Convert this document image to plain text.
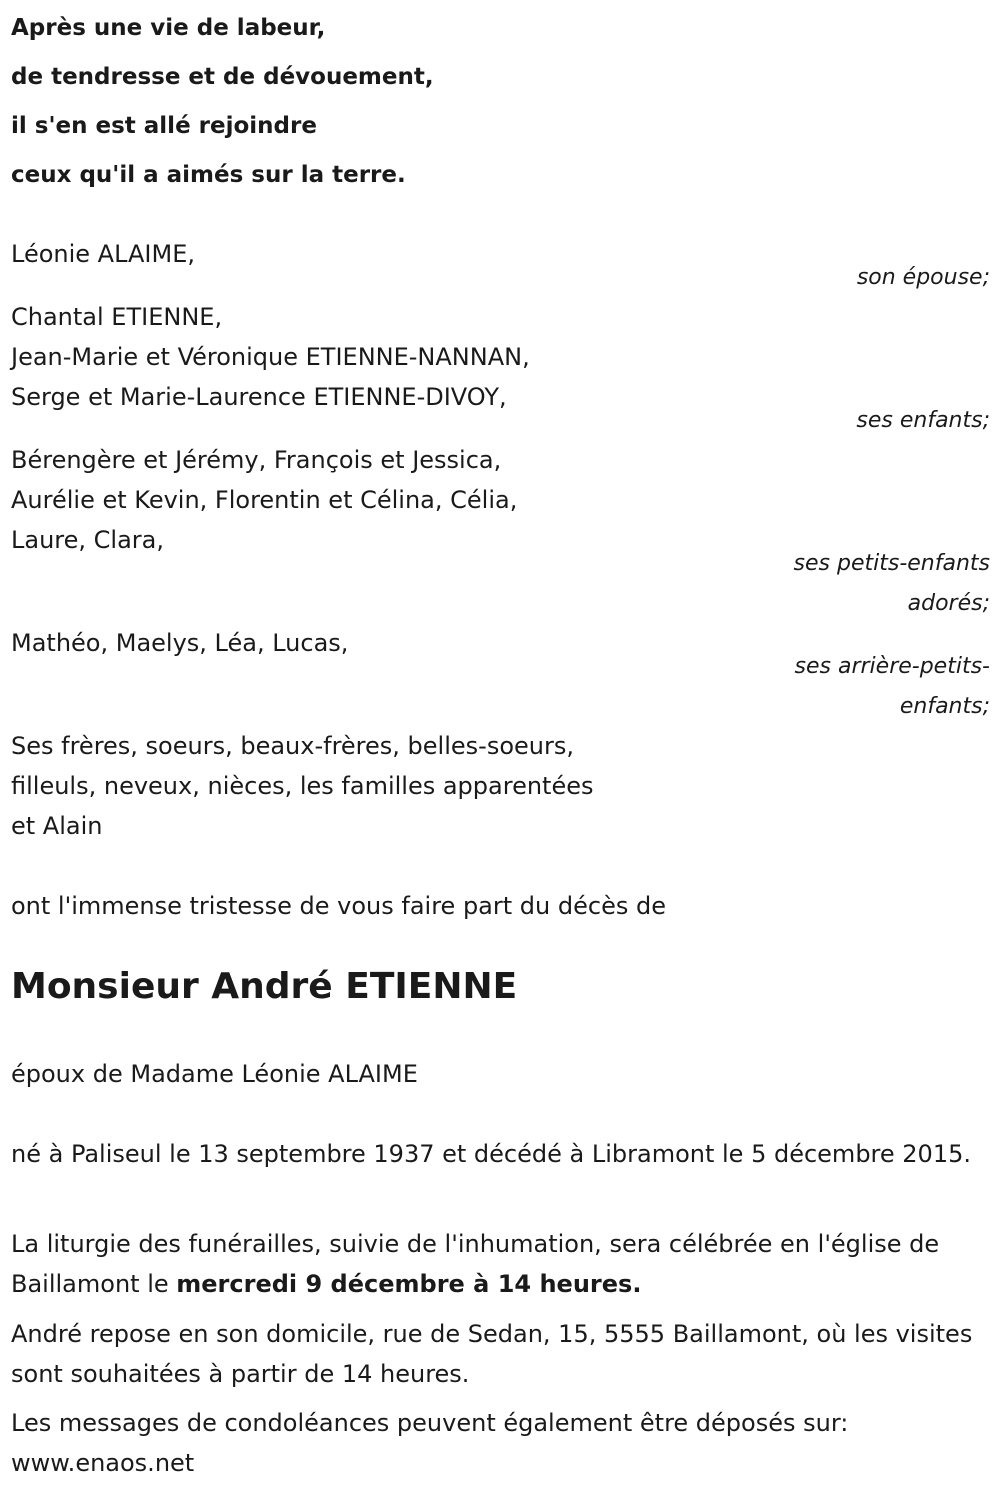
Après une vie de labeur,
de tendresse et de dévouement,
il s'en est allé rejoindre
ceux qu'il a aimés sur la terre.
Léonie ALAIME,
son épouse;
Chantal ETIENNE,
Jean-Marie et Véronique ETIENNE-NANNAN,
Serge et Marie-Laurence ETIENNE-DIVOY,
ses enfants;
Bérengère et Jérémy, François et Jessica,
Aurélie et Kevin, Florentin et Célina, Célia,
Laure, Clara,
ses petits-enfants
adorés;
Mathéo, Maelys, Léa, Lucas,
ses arrière-petits-
enfants;
Ses frères, soeurs, beaux-frères, belles-soeurs,
filleuls, neveux, nièces, les familles apparentées
et Alain
ont l'immense tristesse de vous faire part du décès de
Monsieur André ETIENNE
époux de Madame Léonie ALAIME
né à Paliseul le 13 septembre 1937 et décédé à Libramont le 5 décembre 2015.
La liturgie des funérailles, suivie de l'inhumation, sera célébrée en l'église de Baillamont le mercredi 9 décembre à 14 heures.
André repose en son domicile, rue de Sedan, 15, 5555 Baillamont, où les visites sont souhaitées à partir de 14 heures.
Les messages de condoléances peuvent également être déposés sur: www.enaos.net
